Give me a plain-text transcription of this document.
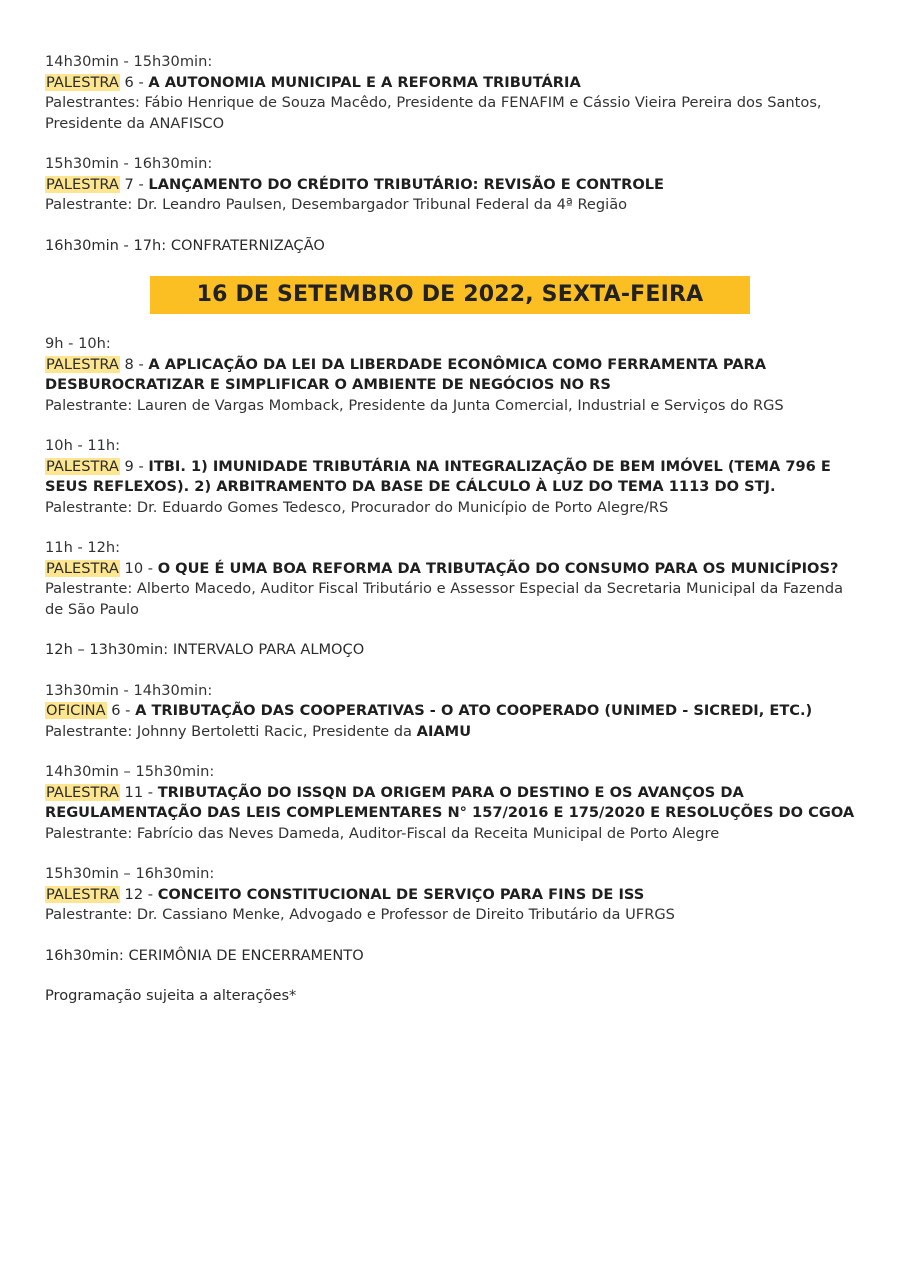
14h30min - 15h30min:

PALESTRA 6 - A AUTONOMIA MUNICIPAL E A REFORMA TRIBUTÁRIA

Palestrantes: Fábio Henrique de Souza Macêdo, Presidente da FENAFIM e Cássio Vieira Pereira dos Santos, Presidente da ANAFISCO

15h30min - 16h30min:

PALESTRA 7 - LANÇAMENTO DO CRÉDITO TRIBUTÁRIO: REVISÃO E CONTROLE

Palestrante: Dr. Leandro Paulsen, Desembargador Tribunal Federal da 4ª Região

16h30min - 17h: CONFRATERNIZAÇÃO

16 DE SETEMBRO DE 2022, SEXTA-FEIRA

9h - 10h:

PALESTRA 8 - A APLICAÇÃO DA LEI DA LIBERDADE ECONÔMICA COMO FERRAMENTA PARA DESBUROCRATIZAR E SIMPLIFICAR O AMBIENTE DE NEGÓCIOS NO RS

Palestrante: Lauren de Vargas Momback, Presidente da Junta Comercial, Industrial e Serviços do RGS

10h - 11h:

PALESTRA 9 - ITBI. 1) IMUNIDADE TRIBUTÁRIA NA INTEGRALIZAÇÃO DE BEM IMÓVEL (TEMA 796 E SEUS REFLEXOS). 2) ARBITRAMENTO DA BASE DE CÁLCULO À LUZ DO TEMA 1113 DO STJ.

Palestrante: Dr. Eduardo Gomes Tedesco, Procurador do Município de Porto Alegre/RS

11h - 12h:

PALESTRA 10 - O QUE É UMA BOA REFORMA DA TRIBUTAÇÃO DO CONSUMO PARA OS MUNICÍPIOS?

Palestrante: Alberto Macedo, Auditor Fiscal Tributário e Assessor Especial da Secretaria Municipal da Fazenda de São Paulo

12h – 13h30min: INTERVALO PARA ALMOÇO

13h30min - 14h30min:

OFICINA 6 - A TRIBUTAÇÃO DAS COOPERATIVAS - O ATO COOPERADO (UNIMED - SICREDI, ETC.)

Palestrante: Johnny Bertoletti Racic, Presidente da AIAMU

14h30min – 15h30min:

PALESTRA 11 - TRIBUTAÇÃO DO ISSQN DA ORIGEM PARA O DESTINO E OS AVANÇOS DA REGULAMENTAÇÃO DAS LEIS COMPLEMENTARES N° 157/2016 E 175/2020 E RESOLUÇÕES DO CGOA

Palestrante: Fabrício das Neves Dameda, Auditor-Fiscal da Receita Municipal de Porto Alegre

15h30min – 16h30min:

PALESTRA 12 - CONCEITO CONSTITUCIONAL DE SERVIÇO PARA FINS DE ISS

Palestrante: Dr. Cassiano Menke, Advogado e Professor de Direito Tributário da UFRGS

16h30min: CERIMÔNIA DE ENCERRAMENTO

Programação sujeita a alterações*
